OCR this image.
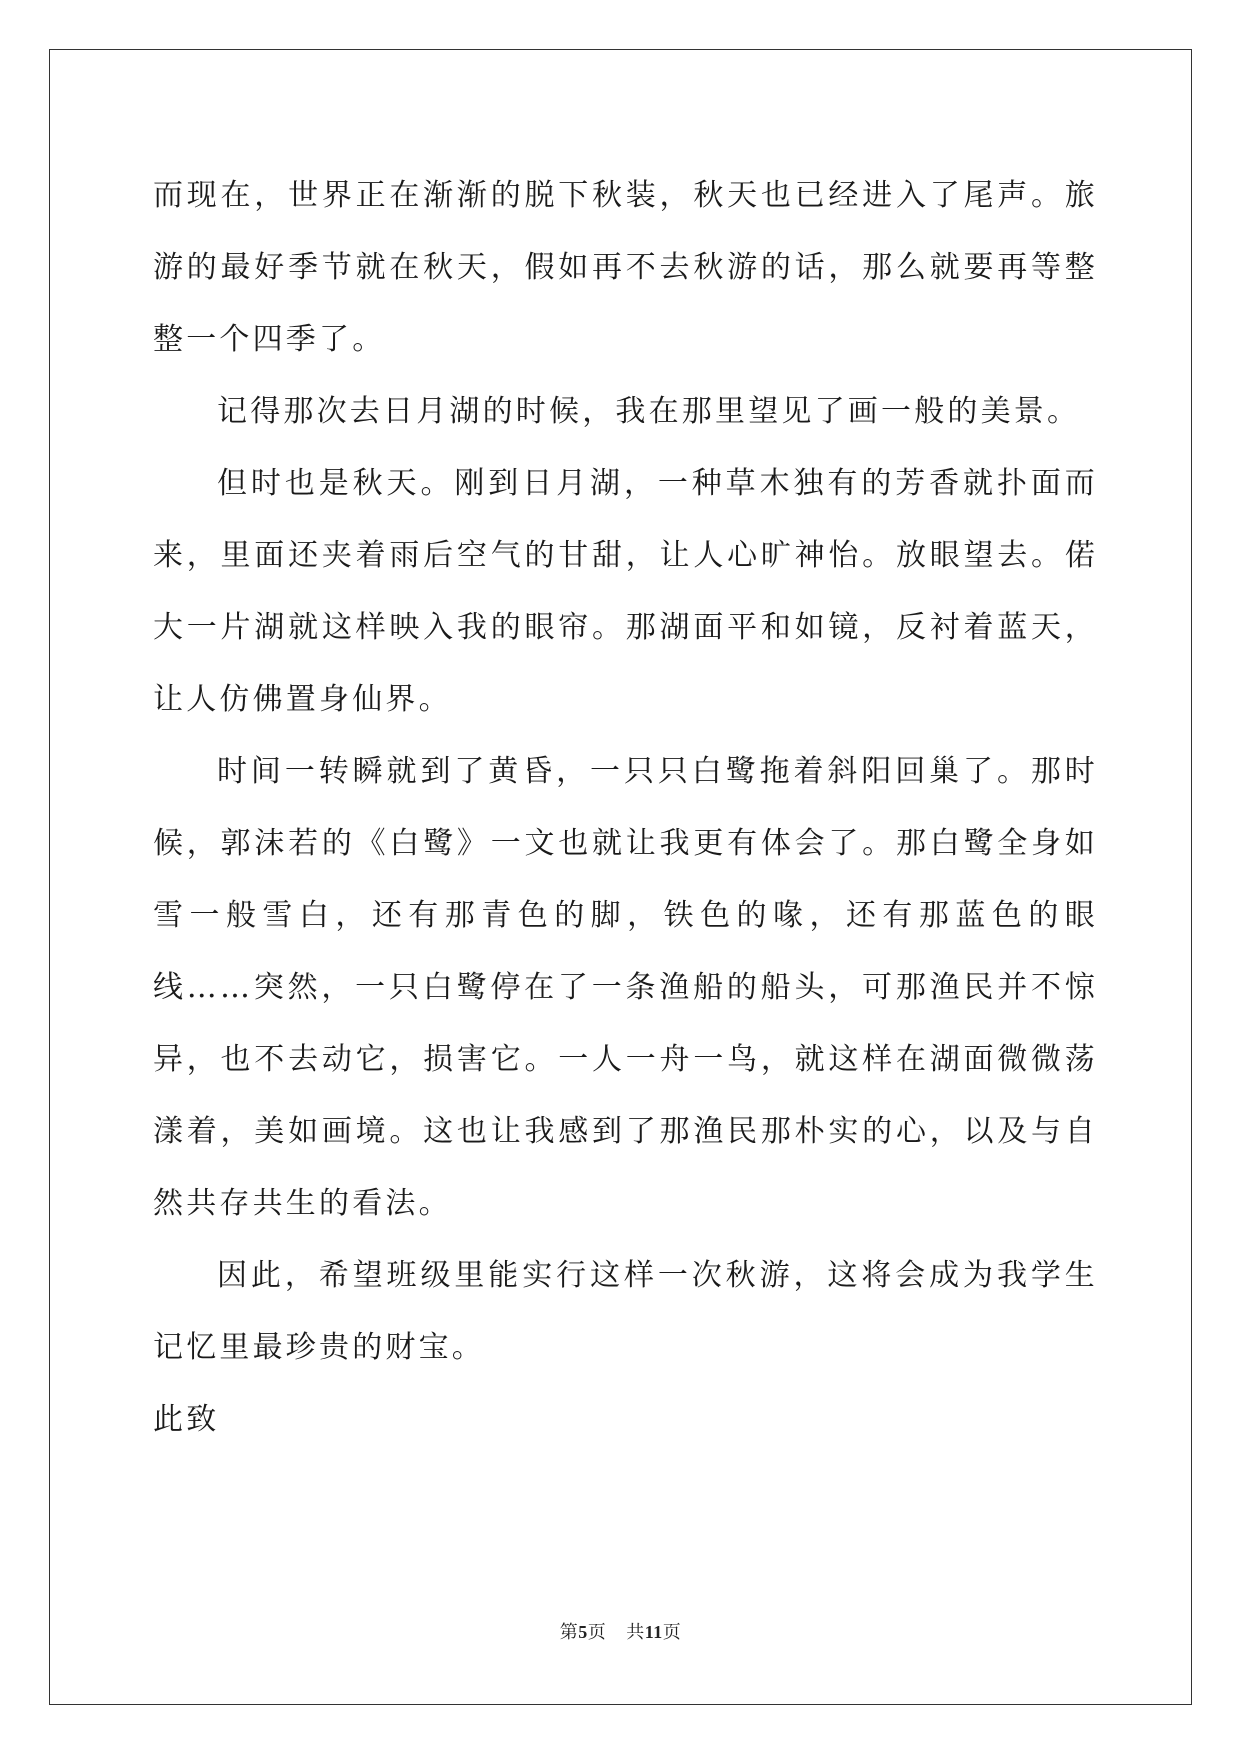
而现在，世界正在渐渐的脱下秋装，秋天也已经进入了尾声。旅游的最好季节就在秋天，假如再不去秋游的话，那么就要再等整整一个四季了。

记得那次去日月湖的时候，我在那里望见了画一般的美景。

但时也是秋天。刚到日月湖，一种草木独有的芳香就扑面而来，里面还夹着雨后空气的甘甜，让人心旷神怡。放眼望去。偌大一片湖就这样映入我的眼帘。那湖面平和如镜，反衬着蓝天，让人仿佛置身仙界。

时间一转瞬就到了黄昏，一只只白鹭拖着斜阳回巢了。那时候，郭沫若的《白鹭》一文也就让我更有体会了。那白鹭全身如雪一般雪白，还有那青色的脚，铁色的喙，还有那蓝色的眼线……突然，一只白鹭停在了一条渔船的船头，可那渔民并不惊异，也不去动它，损害它。一人一舟一鸟，就这样在湖面微微荡漾着，美如画境。这也让我感到了那渔民那朴实的心，以及与自然共存共生的看法。

因此，希望班级里能实行这样一次秋游，这将会成为我学生记忆里最珍贵的财宝。

此致

第5页 共11页
